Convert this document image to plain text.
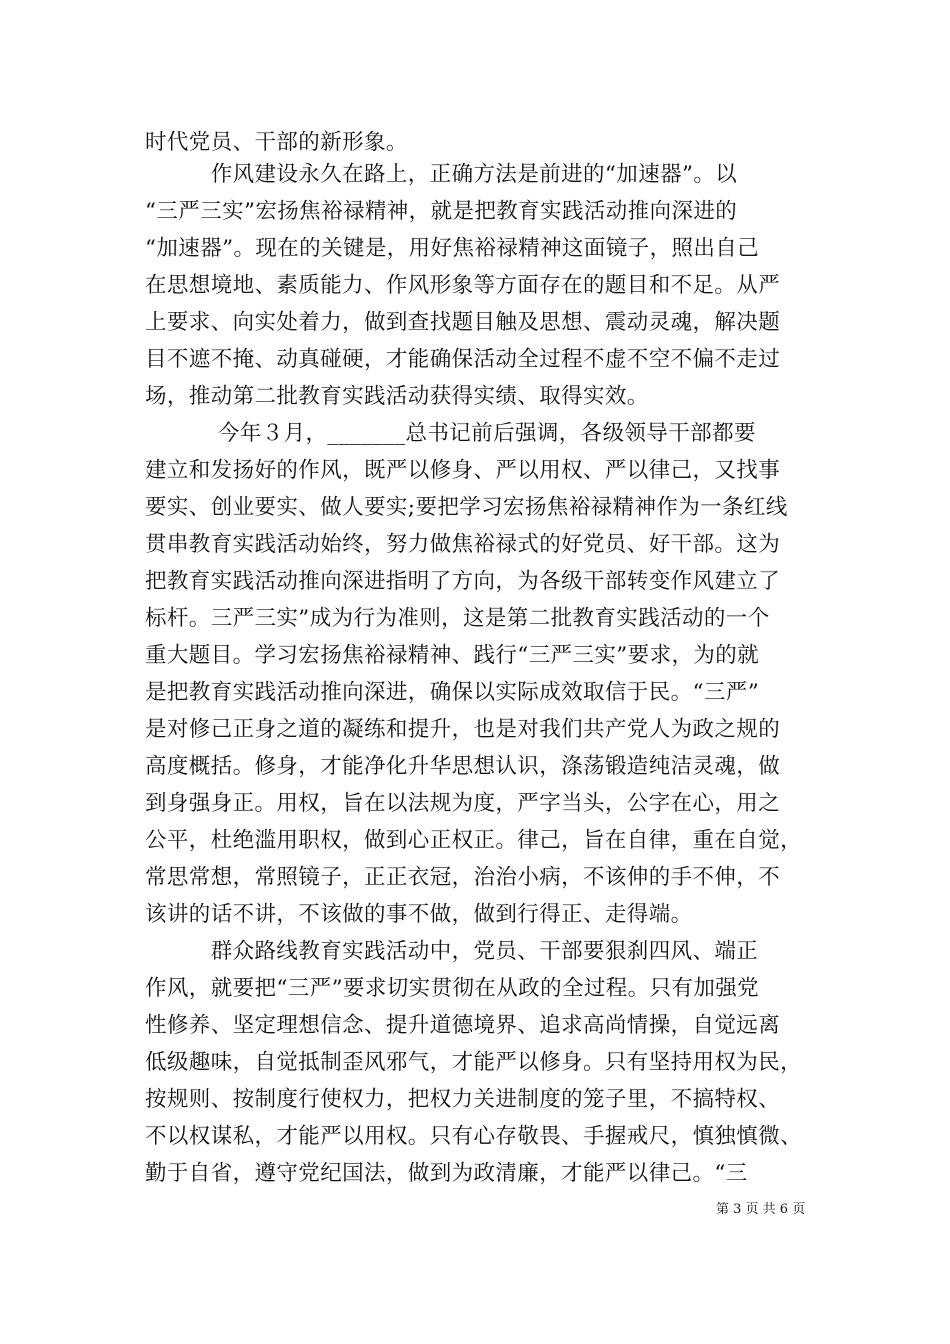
时代党员、干部的新形象。
　　　作风建设永久在路上，正确方法是前进的“加速器”。以
“三严三实”宏扬焦裕禄精神，就是把教育实践活动推向深进的
“加速器”。现在的关键是，用好焦裕禄精神这面镜子，照出自己
在思想境地、素质能力、作风形象等方面存在的题目和不足。从严
上要求、向实处着力，做到查找题目触及思想、震动灵魂，解决题
目不遮不掩、动真碰硬，才能确保活动全过程不虚不空不偏不走过
场，推动第二批教育实践活动获得实绩、取得实效。
　　　 今年３月，_______总书记前后强调，各级领导干部都要
建立和发扬好的作风，既严以修身、严以用权、严以律己，又找事
要实、创业要实、做人要实;要把学习宏扬焦裕禄精神作为一条红线
贯串教育实践活动始终，努力做焦裕禄式的好党员、好干部。这为
把教育实践活动推向深进指明了方向，为各级干部转变作风建立了
标杆。三严三实”成为行为准则，这是第二批教育实践活动的一个
重大题目。学习宏扬焦裕禄精神、践行“三严三实”要求，为的就
是把教育实践活动推向深进，确保以实际成效取信于民。“三严”
是对修己正身之道的凝练和提升，也是对我们共产党人为政之规的
高度概括。修身，才能净化升华思想认识，涤荡锻造纯洁灵魂，做
到身强身正。用权，旨在以法规为度，严字当头，公字在心，用之
公平，杜绝滥用职权，做到心正权正。律己，旨在自律，重在自觉，
常思常想，常照镜子，正正衣冠，治治小病，不该伸的手不伸，不
该讲的话不讲，不该做的事不做，做到行得正、走得端。
　　　群众路线教育实践活动中，党员、干部要狠刹四风、端正
作风，就要把“三严”要求切实贯彻在从政的全过程。只有加强党
性修养、坚定理想信念、提升道德境界、追求高尚情操，自觉远离
低级趣味，自觉抵制歪风邪气，才能严以修身。只有坚持用权为民，
按规则、按制度行使权力，把权力关进制度的笼子里，不搞特权、
不以权谋私，才能严以用权。只有心存敬畏、手握戒尺，慎独慎微、
勤于自省，遵守党纪国法，做到为政清廉，才能严以律己。“三
第 3 页 共 6 页
